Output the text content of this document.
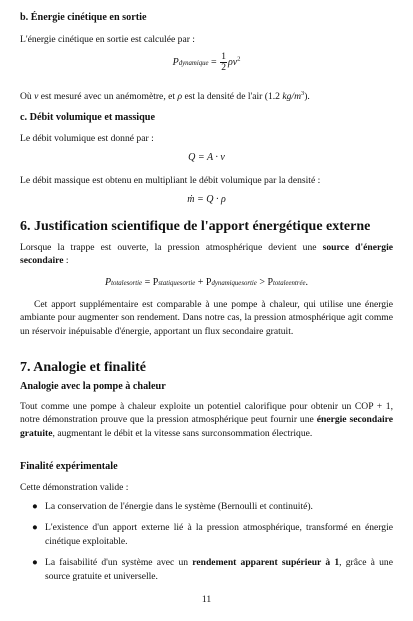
b. Énergie cinétique en sortie
L'énergie cinétique en sortie est calculée par :
Pdynamique = $\frac{1}{2} \rho v^2$
Où v est mesuré avec un anémomètre, et ρ est la densité de l'air (1.2 $kg/m^3$).
c. Débit volumique et massique
Le débit volumique est donné par :
Q = A · v
Le débit massique est obtenu en multipliant le débit volumique par la densité :
ṁ = Q · ρ
6. Justification scientifique de l'apport énergétique externe
Lorsque la trappe est ouverte, la pression atmosphérique devient une source d'énergie secondaire :
Ptotalesortie = Pstatiquesortie + Pdynamiquesortie > Ptotaleentrée.
Cet apport supplémentaire est comparable à une pompe à chaleur, qui utilise une énergie ambiante pour augmenter son rendement. Dans notre cas, la pression atmosphérique agit comme un réservoir inépuisable d'énergie, apportant un flux secondaire gratuit.
7. Analogie et finalité
Analogie avec la pompe à chaleur
Tout comme une pompe à chaleur exploite un potentiel calorifique pour obtenir un COP + 1, notre démonstration prouve que la pression atmosphérique peut fournir une énergie secondaire gratuite, augmentant le débit et la vitesse sans surconsommation électrique.
Finalité expérimentale
Cette démonstration valide :
● La conservation de l'énergie dans le système (Bernoulli et continuité).
● L'existence d'un apport externe lié à la pression atmosphérique, transformé en énergie cinétique exploitable.
● La faisabilité d'un système avec un rendement apparent supérieur à 1, grâce à une source gratuite et universelle.
11
